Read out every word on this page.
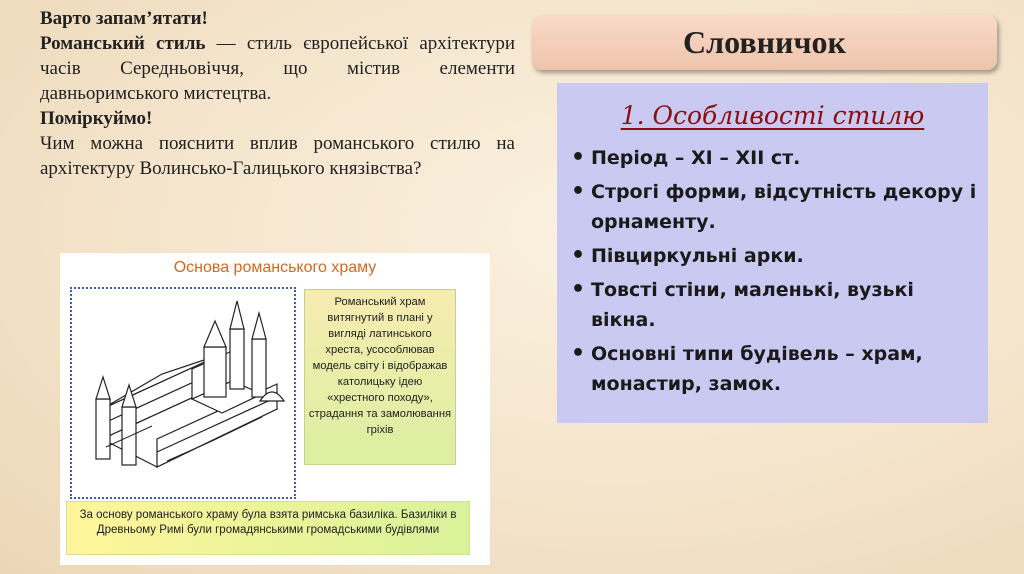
Варто запам’ятати!

Романський стиль — стиль європейської архітектури часів Середньовіччя, що містив елементи давньоримського мистецтва.

Поміркуймо!

Чим можна пояснити вплив романського стилю на архітектуру Волинсько-Галицького князівства?

Словничок
1. Особливості стилю
• Період – XI – XII ст.
• Строгі форми, відсутність декору і орнаменту.
• Півциркульні арки.
• Товсті стіни, маленькі, вузькі вікна.
• Основні типи будівель – храм, монастир, замок.
Основа романського храму
Романський храм витягнутий в плані у вигляді латинського хреста, усособлював модель світу і відображав католицьку ідею «хрестного походу», страдання та замолювання гріхів
За основу романського храму була взята римська базиліка. Базиліки в Древньому Римі були громадянськими громадськими будівлями
